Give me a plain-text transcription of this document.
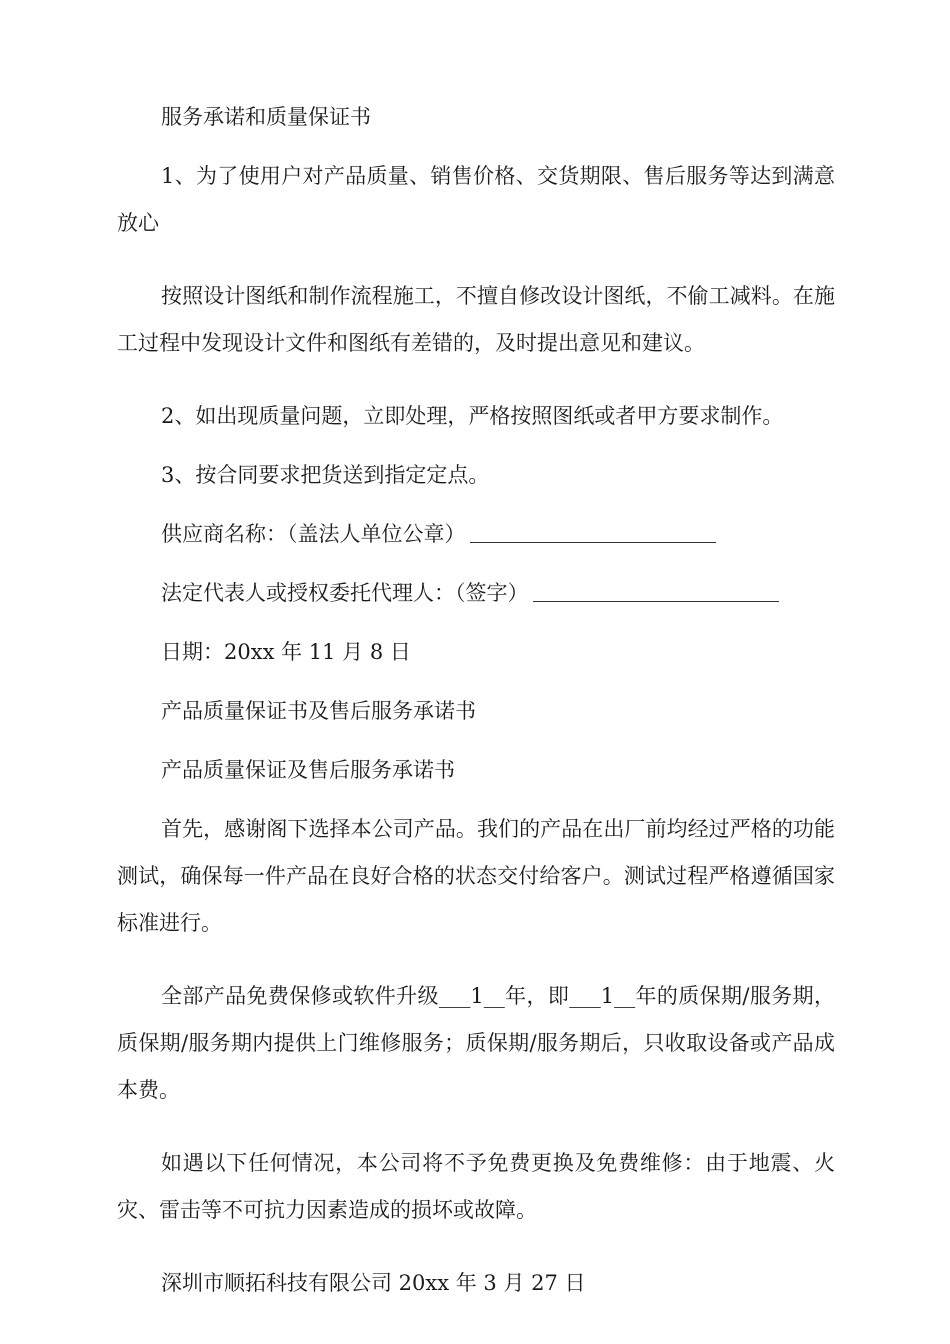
服务承诺和质量保证书

1、为了使用户对产品质量、销售价格、交货期限、售后服务等达到满意放心

按照设计图纸和制作流程施工，不擅自修改设计图纸，不偷工减料。在施工过程中发现设计文件和图纸有差错的，及时提出意见和建议。

2、如出现质量问题，立即处理，严格按照图纸或者甲方要求制作。

3、按合同要求把货送到指定定点。

供应商名称：（盖法人单位公章）

法定代表人或授权委托代理人：（签字）

日期：20xx 年 11 月 8 日

产品质量保证书及售后服务承诺书

产品质量保证及售后服务承诺书

首先，感谢阁下选择本公司产品。我们的产品在出厂前均经过严格的功能测试，确保每一件产品在良好合格的状态交付给客户。测试过程严格遵循国家标准进行。

全部产品免费保修或软件升级___1__年，即___1__年的质保期/服务期，质保期/服务期内提供上门维修服务；质保期/服务期后，只收取设备或产品成本费。

如遇以下任何情况，本公司将不予免费更换及免费维修：由于地震、火灾、雷击等不可抗力因素造成的损坏或故障。

深圳市顺拓科技有限公司 20xx 年 3 月 27 日
